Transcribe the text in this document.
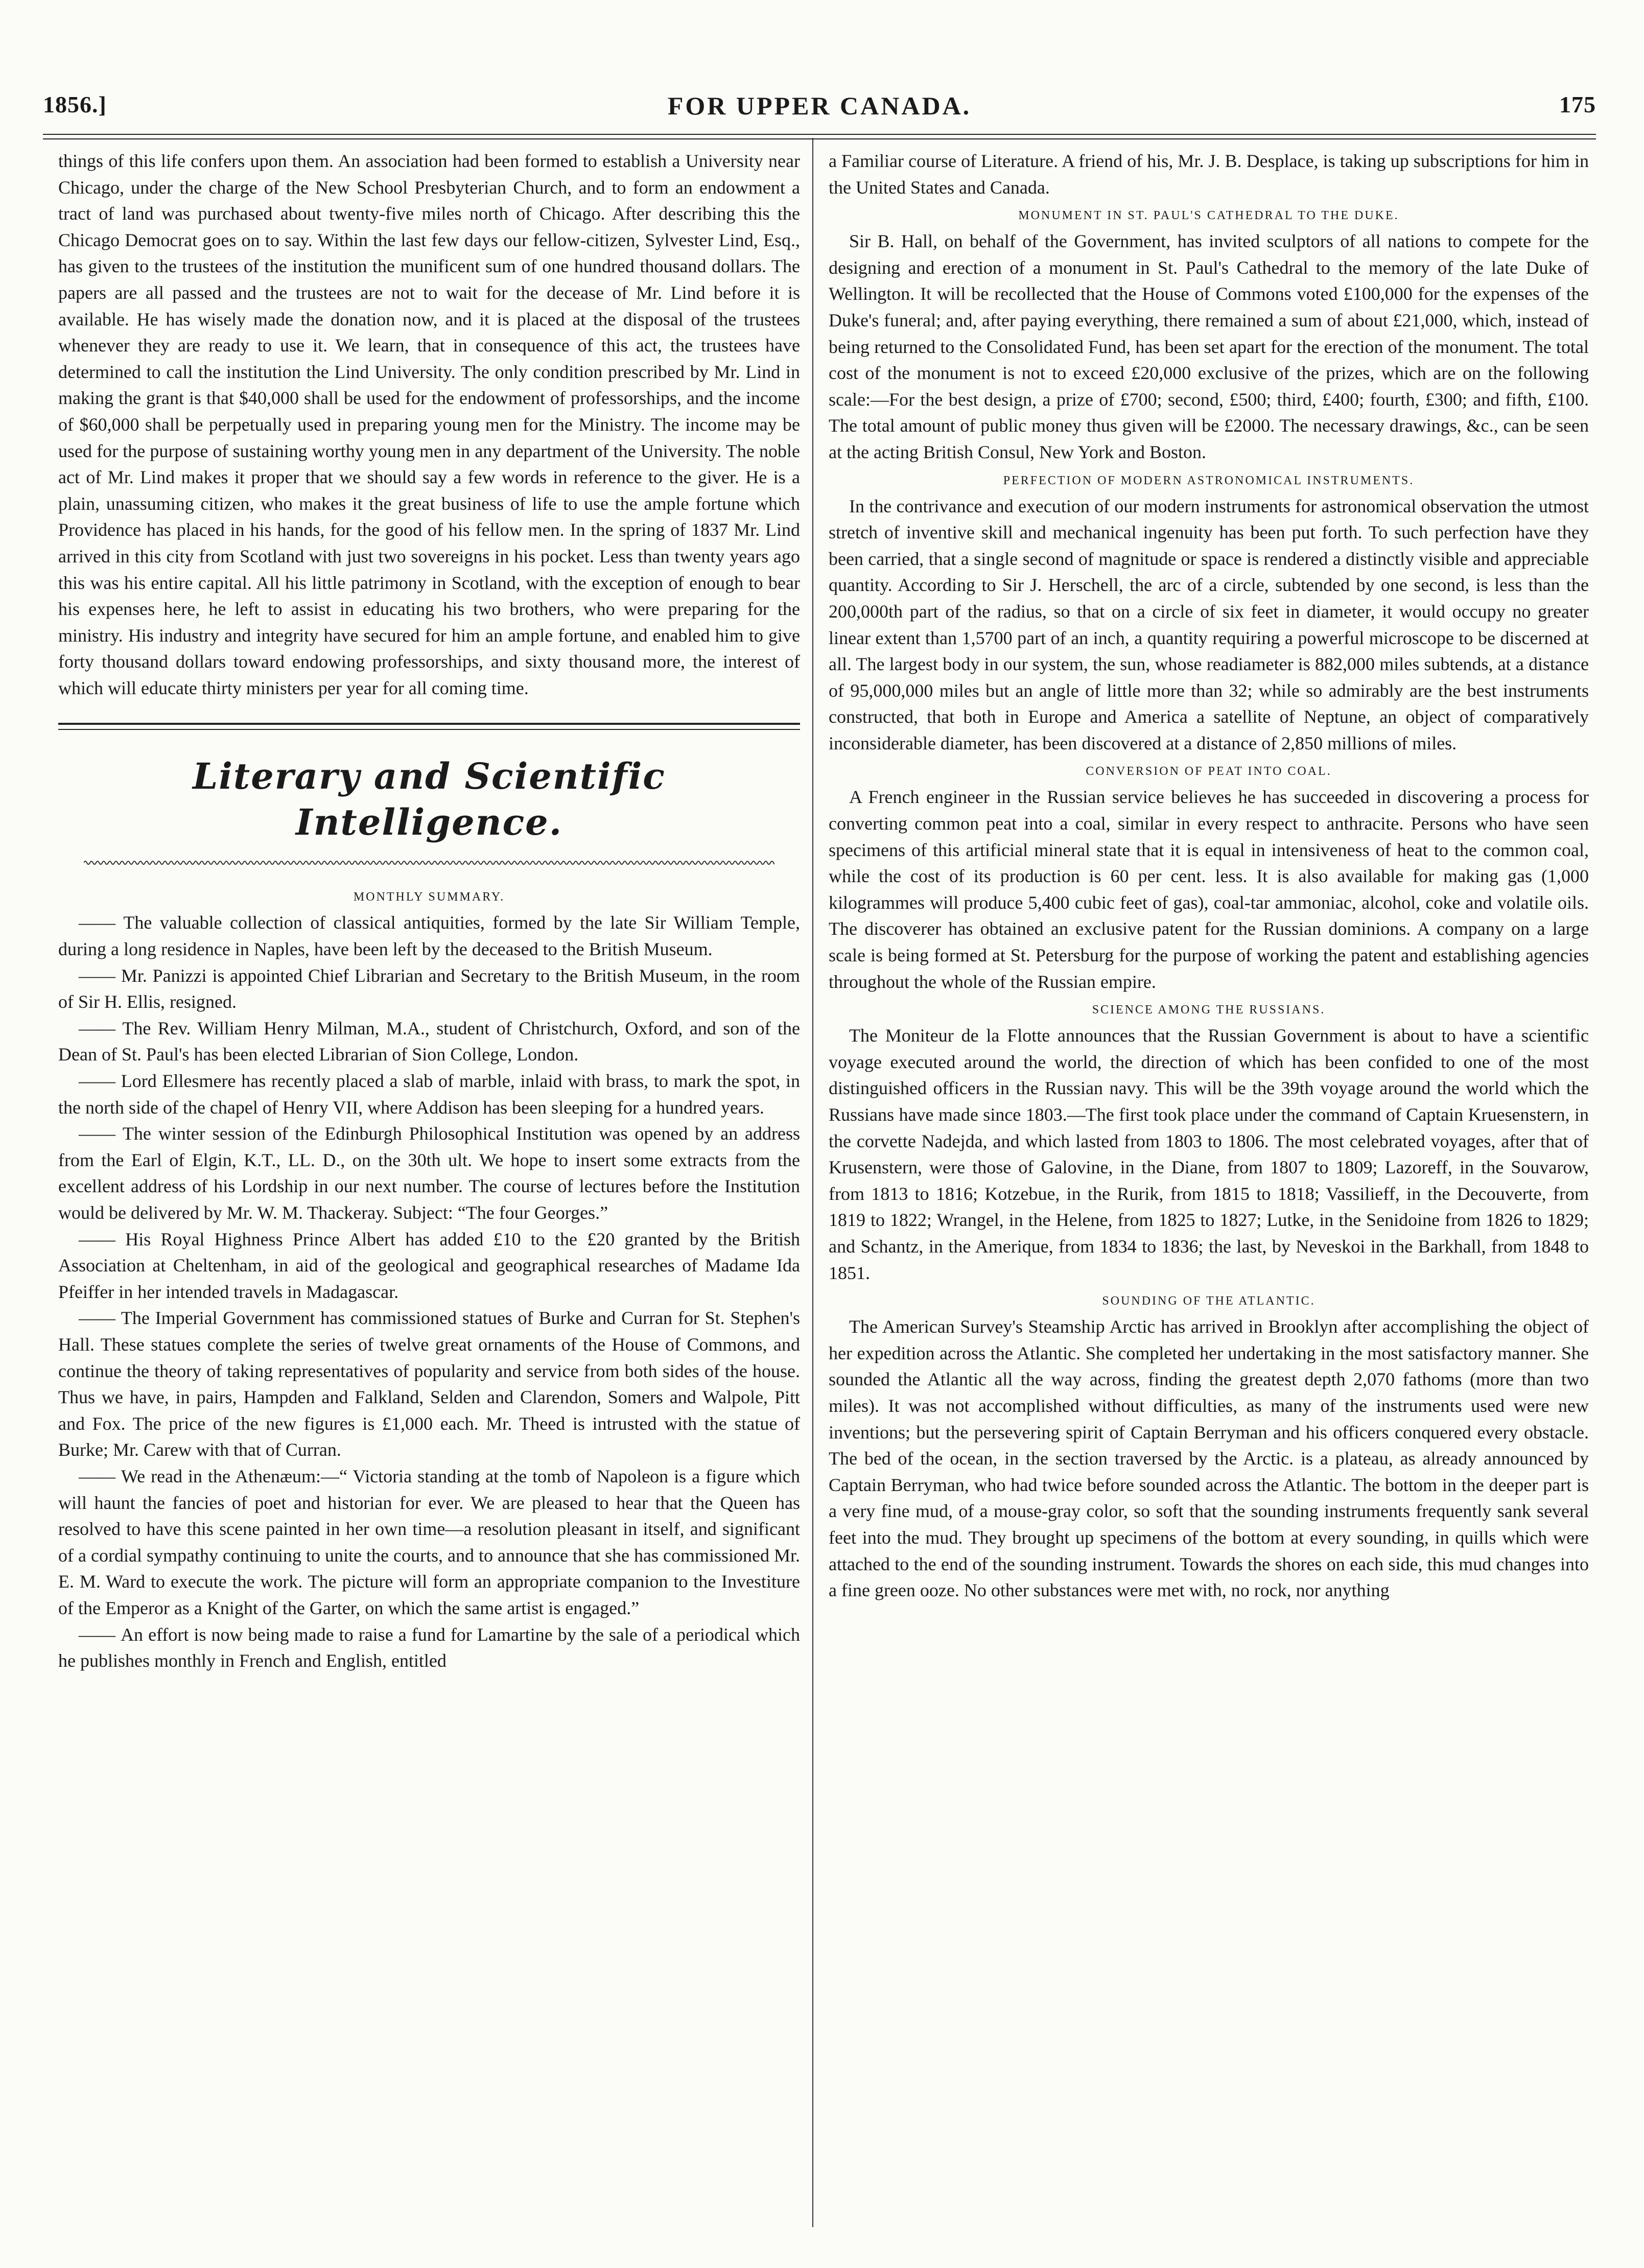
1856.]	FOR UPPER CANADA.	175

things of this life confers upon them. An association had been formed to establish a University near Chicago, under the charge of the New School Presbyterian Church, and to form an endowment a tract of land was purchased about twenty-five miles north of Chicago. After describing this the Chicago Democrat goes on to say. Within the last few days our fellow-citizen, Sylvester Lind, Esq., has given to the trustees of the institution the munificent sum of one hundred thousand dollars. The papers are all passed and the trustees are not to wait for the decease of Mr. Lind before it is available. He has wisely made the donation now, and it is placed at the disposal of the trustees whenever they are ready to use it. We learn, that in consequence of this act, the trustees have determined to call the institution the Lind University. The only condition prescribed by Mr. Lind in making the grant is that $40,000 shall be used for the endowment of professorships, and the income of $60,000 shall be perpetually used in preparing young men for the Ministry. The income may be used for the purpose of sustaining worthy young men in any department of the University. The noble act of Mr. Lind makes it proper that we should say a few words in reference to the giver. He is a plain, unassuming citizen, who makes it the great business of life to use the ample fortune which Providence has placed in his hands, for the good of his fellow men. In the spring of 1837 Mr. Lind arrived in this city from Scotland with just two sovereigns in his pocket. Less than twenty years ago this was his entire capital. All his little patrimony in Scotland, with the exception of enough to bear his expenses here, he left to assist in educating his two brothers, who were preparing for the ministry. His industry and integrity have secured for him an ample fortune, and enabled him to give forty thousand dollars toward endowing professorships, and sixty thousand more, the interest of which will educate thirty ministers per year for all coming time.

Literary and Scientific Intelligence.
MONTHLY SUMMARY.

—— The valuable collection of classical antiquities, formed by the late Sir William Temple, during a long residence in Naples, have been left by the deceased to the British Museum.

—— Mr. Panizzi is appointed Chief Librarian and Secretary to the British Museum, in the room of Sir H. Ellis, resigned.

—— The Rev. William Henry Milman, M.A., student of Christchurch, Oxford, and son of the Dean of St. Paul's has been elected Librarian of Sion College, London.

—— Lord Ellesmere has recently placed a slab of marble, inlaid with brass, to mark the spot, in the north side of the chapel of Henry VII, where Addison has been sleeping for a hundred years.

—— The winter session of the Edinburgh Philosophical Institution was opened by an address from the Earl of Elgin, K.T., LL. D., on the 30th ult. We hope to insert some extracts from the excellent address of his Lordship in our next number. The course of lectures before the Institution would be delivered by Mr. W. M. Thackeray. Subject: “The four Georges.”

—— His Royal Highness Prince Albert has added £10 to the £20 granted by the British Association at Cheltenham, in aid of the geological and geographical researches of Madame Ida Pfeiffer in her intended travels in Madagascar.

—— The Imperial Government has commissioned statues of Burke and Curran for St. Stephen's Hall. These statues complete the series of twelve great ornaments of the House of Commons, and continue the theory of taking representatives of popularity and service from both sides of the house. Thus we have, in pairs, Hampden and Falkland, Selden and Clarendon, Somers and Walpole, Pitt and Fox. The price of the new figures is £1,000 each. Mr. Theed is intrusted with the statue of Burke; Mr. Carew with that of Curran.

—— We read in the Athenæum:—“ Victoria standing at the tomb of Napoleon is a figure which will haunt the fancies of poet and historian for ever. We are pleased to hear that the Queen has resolved to have this scene painted in her own time—a resolution pleasant in itself, and significant of a cordial sympathy continuing to unite the courts, and to announce that she has commissioned Mr. E. M. Ward to execute the work. The picture will form an appropriate companion to the Investiture of the Emperor as a Knight of the Garter, on which the same artist is engaged.”

—— An effort is now being made to raise a fund for Lamartine by the sale of a periodical which he publishes monthly in French and English, entitled

a Familiar course of Literature. A friend of his, Mr. J. B. Desplace, is taking up subscriptions for him in the United States and Canada.

MONUMENT IN ST. PAUL'S CATHEDRAL TO THE DUKE.

Sir B. Hall, on behalf of the Government, has invited sculptors of all nations to compete for the designing and erection of a monument in St. Paul's Cathedral to the memory of the late Duke of Wellington. It will be recollected that the House of Commons voted £100,000 for the expenses of the Duke's funeral; and, after paying everything, there remained a sum of about £21,000, which, instead of being returned to the Consolidated Fund, has been set apart for the erection of the monument. The total cost of the monument is not to exceed £20,000 exclusive of the prizes, which are on the following scale:—For the best design, a prize of £700; second, £500; third, £400; fourth, £300; and fifth, £100. The total amount of public money thus given will be £2000. The necessary drawings, &c., can be seen at the acting British Consul, New York and Boston.

PERFECTION OF MODERN ASTRONOMICAL INSTRUMENTS.

In the contrivance and execution of our modern instruments for astronomical observation the utmost stretch of inventive skill and mechanical ingenuity has been put forth. To such perfection have they been carried, that a single second of magnitude or space is rendered a distinctly visible and appreciable quantity. According to Sir J. Herschell, the arc of a circle, subtended by one second, is less than the 200,000th part of the radius, so that on a circle of six feet in diameter, it would occupy no greater linear extent than 1,5700 part of an inch, a quantity requiring a powerful microscope to be discerned at all. The largest body in our system, the sun, whose readiameter is 882,000 miles subtends, at a distance of 95,000,000 miles but an angle of little more than 32; while so admirably are the best instruments constructed, that both in Europe and America a satellite of Neptune, an object of comparatively inconsiderable diameter, has been discovered at a distance of 2,850 millions of miles.

CONVERSION OF PEAT INTO COAL.

A French engineer in the Russian service believes he has succeeded in discovering a process for converting common peat into a coal, similar in every respect to anthracite. Persons who have seen specimens of this artificial mineral state that it is equal in intensiveness of heat to the common coal, while the cost of its production is 60 per cent. less. It is also available for making gas (1,000 kilogrammes will produce 5,400 cubic feet of gas), coal-tar ammoniac, alcohol, coke and volatile oils. The discoverer has obtained an exclusive patent for the Russian dominions. A company on a large scale is being formed at St. Petersburg for the purpose of working the patent and establishing agencies throughout the whole of the Russian empire.

SCIENCE AMONG THE RUSSIANS.

The Moniteur de la Flotte announces that the Russian Government is about to have a scientific voyage executed around the world, the direction of which has been confided to one of the most distinguished officers in the Russian navy. This will be the 39th voyage around the world which the Russians have made since 1803.—The first took place under the command of Captain Kruesenstern, in the corvette Nadejda, and which lasted from 1803 to 1806. The most celebrated voyages, after that of Krusenstern, were those of Galovine, in the Diane, from 1807 to 1809; Lazoreff, in the Souvarow, from 1813 to 1816; Kotzebue, in the Rurik, from 1815 to 1818; Vassilieff, in the Decouverte, from 1819 to 1822; Wrangel, in the Helene, from 1825 to 1827; Lutke, in the Senidoine from 1826 to 1829; and Schantz, in the Amerique, from 1834 to 1836; the last, by Neveskoi in the Barkhall, from 1848 to 1851.

SOUNDING OF THE ATLANTIC.

The American Survey's Steamship Arctic has arrived in Brooklyn after accomplishing the object of her expedition across the Atlantic. She completed her undertaking in the most satisfactory manner. She sounded the Atlantic all the way across, finding the greatest depth 2,070 fathoms (more than two miles). It was not accomplished without difficulties, as many of the instruments used were new inventions; but the persevering spirit of Captain Berryman and his officers conquered every obstacle. The bed of the ocean, in the section traversed by the Arctic. is a plateau, as already announced by Captain Berryman, who had twice before sounded across the Atlantic. The bottom in the deeper part is a very fine mud, of a mouse-gray color, so soft that the sounding instruments frequently sank several feet into the mud. They brought up specimens of the bottom at every sounding, in quills which were attached to the end of the sounding instrument. Towards the shores on each side, this mud changes into a fine green ooze. No other substances were met with, no rock, nor anything
